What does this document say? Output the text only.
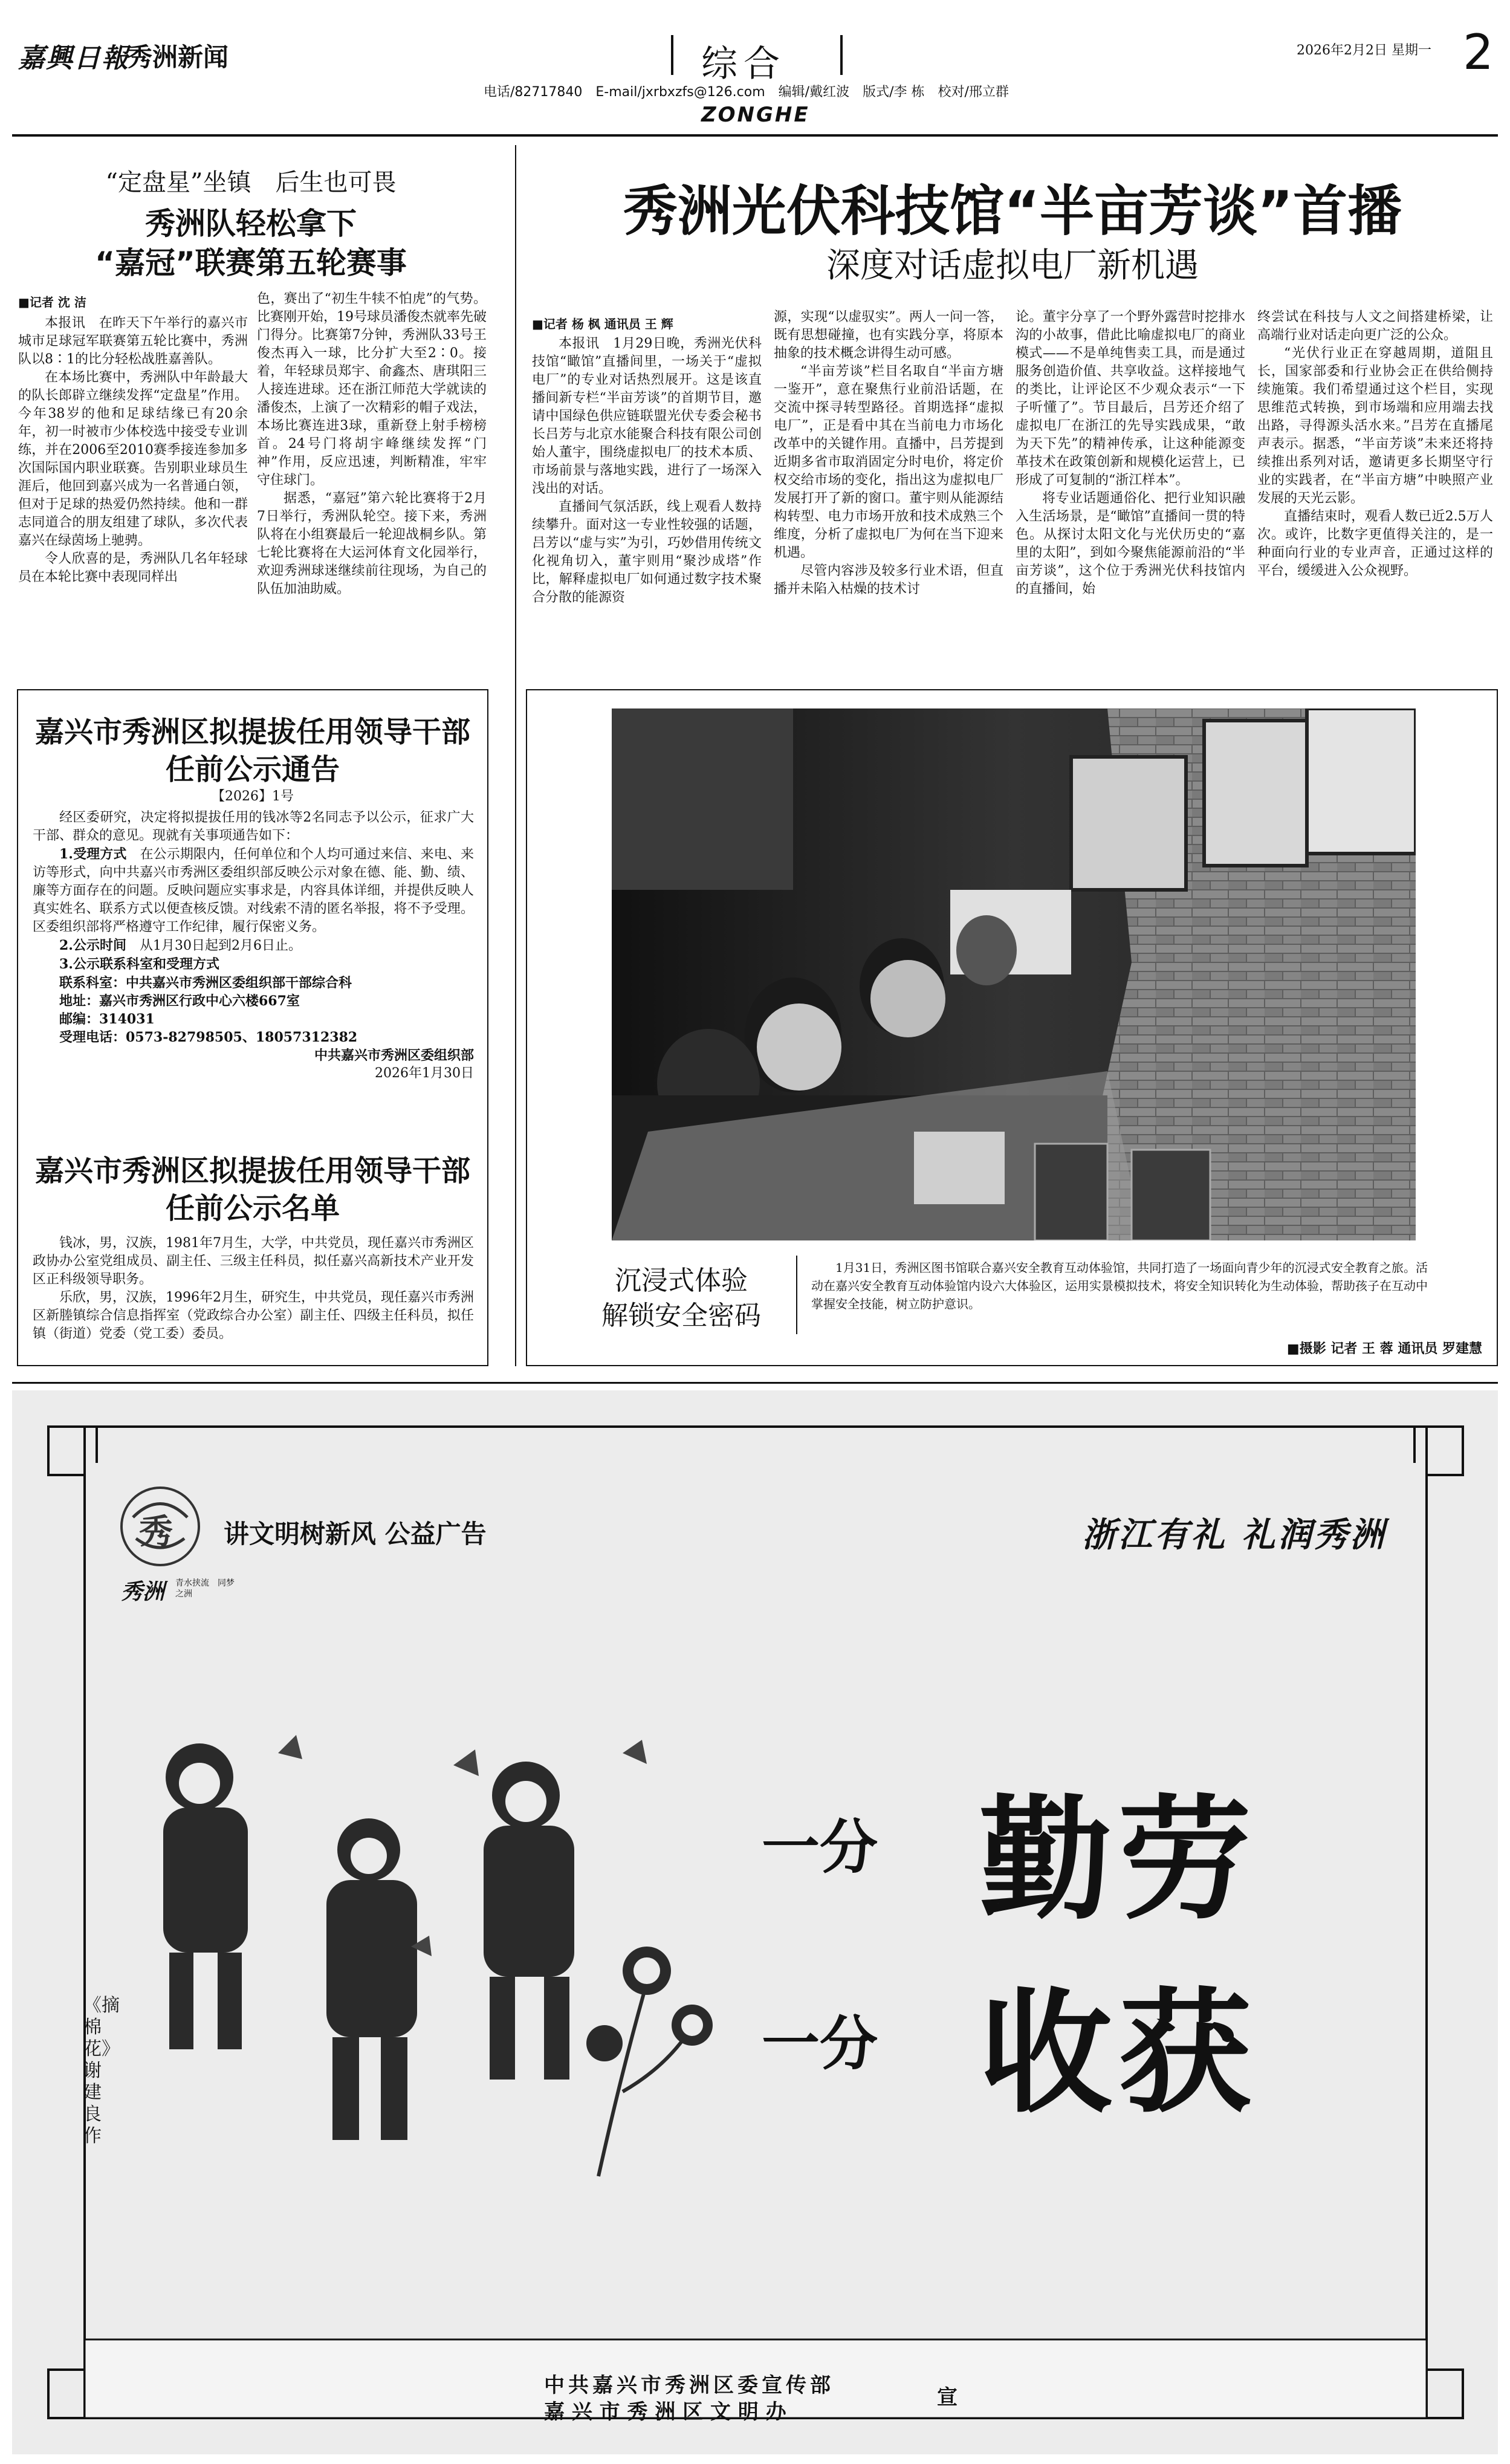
嘉興日報
秀洲新闻	综合
电话/82717840　E-mail/jxrbxzfs@126.com　编辑/戴红波　版式/李 栋　校对/邢立群
ZONGHE
2026年2月2日 星期一 2
“定盘星”坐镇　后生也可畏
秀洲队轻松拿下
“嘉冠”联赛第五轮赛事
■记者 沈 洁

本报讯　在昨天下午举行的嘉兴市城市足球冠军联赛第五轮比赛中，秀洲队以8∶1的比分轻松战胜嘉善队。

在本场比赛中，秀洲队中年龄最大的队长郎辟立继续发挥“定盘星”作用。今年38岁的他和足球结缘已有20余年，初一时被市少体校选中接受专业训练，并在2006至2010赛季接连参加多次国际国内职业联赛。告别职业球员生涯后，他回到嘉兴成为一名普通白领，但对于足球的热爱仍然持续。他和一群志同道合的朋友组建了球队，多次代表嘉兴在绿茵场上驰骋。

令人欣喜的是，秀洲队几名年轻球员在本轮比赛中表现同样出

色，赛出了“初生牛犊不怕虎”的气势。比赛刚开始，19号球员潘俊杰就率先破门得分。比赛第7分钟，秀洲队33号王俊杰再入一球，比分扩大至2∶0。接着，年轻球员郑宇、俞鑫杰、唐琪阳三人接连进球。还在浙江师范大学就读的潘俊杰，上演了一次精彩的帽子戏法，本场比赛连进3球，重新登上射手榜榜首。24号门将胡宇峰继续发挥“门神”作用，反应迅速，判断精准，牢牢守住球门。

据悉，“嘉冠”第六轮比赛将于2月7日举行，秀洲队轮空。接下来，秀洲队将在小组赛最后一轮迎战桐乡队。第七轮比赛将在大运河体育文化园举行，欢迎秀洲球迷继续前往现场，为自己的队伍加油助威。

秀洲光伏科技馆“半亩芳谈”首播
深度对话虚拟电厂新机遇
■记者 杨 枫 通讯员 王 辉

本报讯　1月29日晚，秀洲光伏科技馆“瞰馆”直播间里，一场关于“虚拟电厂”的专业对话热烈展开。这是该直播间新专栏“半亩芳谈”的首期节目，邀请中国绿色供应链联盟光伏专委会秘书长吕芳与北京水能聚合科技有限公司创始人董宇，围绕虚拟电厂的技术本质、市场前景与落地实践，进行了一场深入浅出的对话。

直播间气氛活跃，线上观看人数持续攀升。面对这一专业性较强的话题，吕芳以“虚与实”为引，巧妙借用传统文化视角切入，董宇则用“聚沙成塔”作比，解释虚拟电厂如何通过数字技术聚合分散的能源资

源，实现“以虚驭实”。两人一问一答，既有思想碰撞，也有实践分享，将原本抽象的技术概念讲得生动可感。

“半亩芳谈”栏目名取自“半亩方塘一鉴开”，意在聚焦行业前沿话题，在交流中探寻转型路径。首期选择“虚拟电厂”，正是看中其在当前电力市场化改革中的关键作用。直播中，吕芳提到近期多省市取消固定分时电价，将定价权交给市场的变化，指出这为虚拟电厂发展打开了新的窗口。董宇则从能源结构转型、电力市场开放和技术成熟三个维度，分析了虚拟电厂为何在当下迎来机遇。

尽管内容涉及较多行业术语，但直播并未陷入枯燥的技术讨

论。董宇分享了一个野外露营时挖排水沟的小故事，借此比喻虚拟电厂的商业模式——不是单纯售卖工具，而是通过服务创造价值、共享收益。这样接地气的类比，让评论区不少观众表示“一下子听懂了”。节目最后，吕芳还介绍了虚拟电厂在浙江的先导实践成果，“敢为天下先”的精神传承，让这种能源变革技术在政策创新和规模化运营上，已形成了可复制的“浙江样本”。

将专业话题通俗化、把行业知识融入生活场景，是“瞰馆”直播间一贯的特色。从探讨太阳文化与光伏历史的“嘉里的太阳”，到如今聚焦能源前沿的“半亩芳谈”，这个位于秀洲光伏科技馆内的直播间，始

终尝试在科技与人文之间搭建桥梁，让高端行业对话走向更广泛的公众。

“光伏行业正在穿越周期，道阻且长，国家部委和行业协会正在供给侧持续施策。我们希望通过这个栏目，实现思维范式转换，到市场端和应用端去找出路，寻得源头活水来。”吕芳在直播尾声表示。据悉，“半亩芳谈”未来还将持续推出系列对话，邀请更多长期坚守行业的实践者，在“半亩方塘”中映照产业发展的天光云影。

直播结束时，观看人数已近2.5万人次。或许，比数字更值得关注的，是一种面向行业的专业声音，正通过这样的平台，缓缓进入公众视野。

嘉兴市秀洲区拟提拔任用领导干部
任前公示通告
【2026】1号

经区委研究，决定将拟提拔任用的钱冰等2名同志予以公示，征求广大干部、群众的意见。现就有关事项通告如下：

1.受理方式　 在公示期限内，任何单位和个人均可通过来信、来电、来访等形式，向中共嘉兴市秀洲区委组织部反映公示对象在德、能、勤、绩、廉等方面存在的问题。反映问题应实事求是，内容具体详细，并提供反映人真实姓名、联系方式以便查核反馈。对线索不清的匿名举报，将不予受理。区委组织部将严格遵守工作纪律，履行保密义务。

2.公示时间　 从1月30日起到2月6日止。

3.公示联系科室和受理方式

联系科室：中共嘉兴市秀洲区委组织部干部综合科

地址：嘉兴市秀洲区行政中心六楼667室

邮编：314031

受理电话：0573-82798505、18057312382

中共嘉兴市秀洲区委组织部
2026年1月30日
嘉兴市秀洲区拟提拔任用领导干部
任前公示名单

钱冰，男，汉族，1981年7月生，大学，中共党员，现任嘉兴市秀洲区政协办公室党组成员、副主任、三级主任科员，拟任嘉兴高新技术产业开发区正科级领导职务。

乐欣，男，汉族，1996年2月生，研究生，中共党员，现任嘉兴市秀洲区新塍镇综合信息指挥室（党政综合办公室）副主任、四级主任科员，拟任镇（街道）党委（党工委）委员。

沉浸式体验
解锁安全密码
1月31日，秀洲区图书馆联合嘉兴安全教育互动体验馆，共同打造了一场面向青少年的沉浸式安全教育之旅。活动在嘉兴安全教育互动体验馆内设六大体验区，运用实景模拟技术，将安全知识转化为生动体验，帮助孩子在互动中掌握安全技能，树立防护意识。
■摄影 记者 王 蓉 通讯员 罗建慧
秀
秀洲 青水挟流　同梦之洲
讲文明树新风 公益广告	浙江有礼 礼润秀洲
《摘棉花》谢建良作
一分 勤劳
一分 收获
中共嘉兴市秀洲区委宣传部
嘉 兴 市 秀 洲 区 文 明 办
宣
